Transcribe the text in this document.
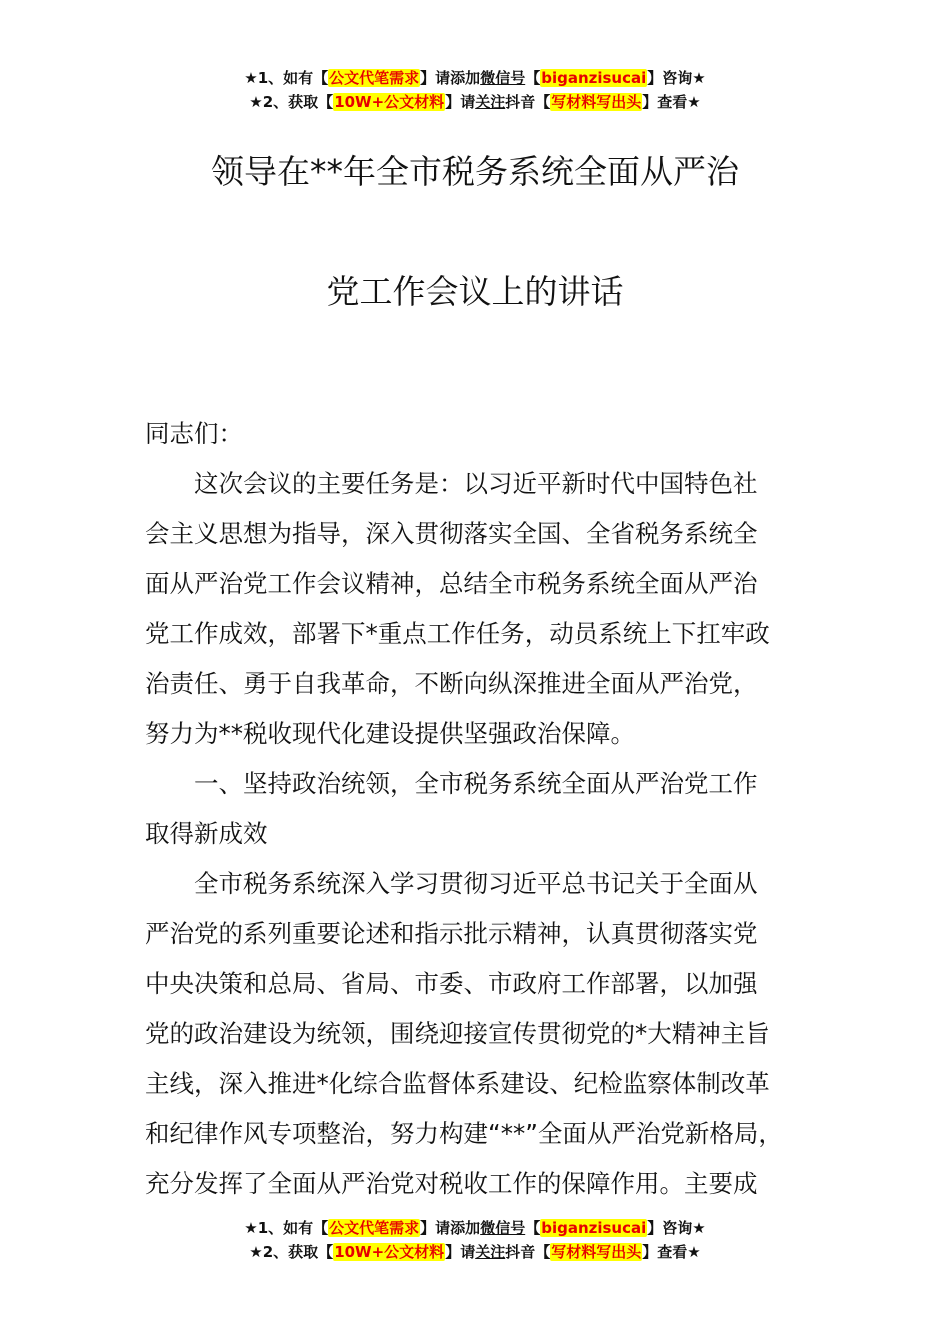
★1、如有【公文代笔需求】请添加微信号【biganzisucai】咨询★
★2、获取【10W+公文材料】请关注抖音【写材料写出头】查看★
领导在**年全市税务系统全面从严治
党工作会议上的讲话
同志们：
这次会议的主要任务是：以习近平新时代中国特色社
会主义思想为指导，深入贯彻落实全国、全省税务系统全
面从严治党工作会议精神，总结全市税务系统全面从严治
党工作成效，部署下*重点工作任务，动员系统上下扛牢政
治责任、勇于自我革命，不断向纵深推进全面从严治党，
努力为**税收现代化建设提供坚强政治保障。
一、坚持政治统领，全市税务系统全面从严治党工作
取得新成效
全市税务系统深入学习贯彻习近平总书记关于全面从
严治党的系列重要论述和指示批示精神，认真贯彻落实党
中央决策和总局、省局、市委、市政府工作部署，以加强
党的政治建设为统领，围绕迎接宣传贯彻党的*大精神主旨
主线，深入推进*化综合监督体系建设、纪检监察体制改革
和纪律作风专项整治，努力构建“**”全面从严治党新格局，
充分发挥了全面从严治党对税收工作的保障作用。主要成
★1、如有【公文代笔需求】请添加微信号【biganzisucai】咨询★
★2、获取【10W+公文材料】请关注抖音【写材料写出头】查看★
